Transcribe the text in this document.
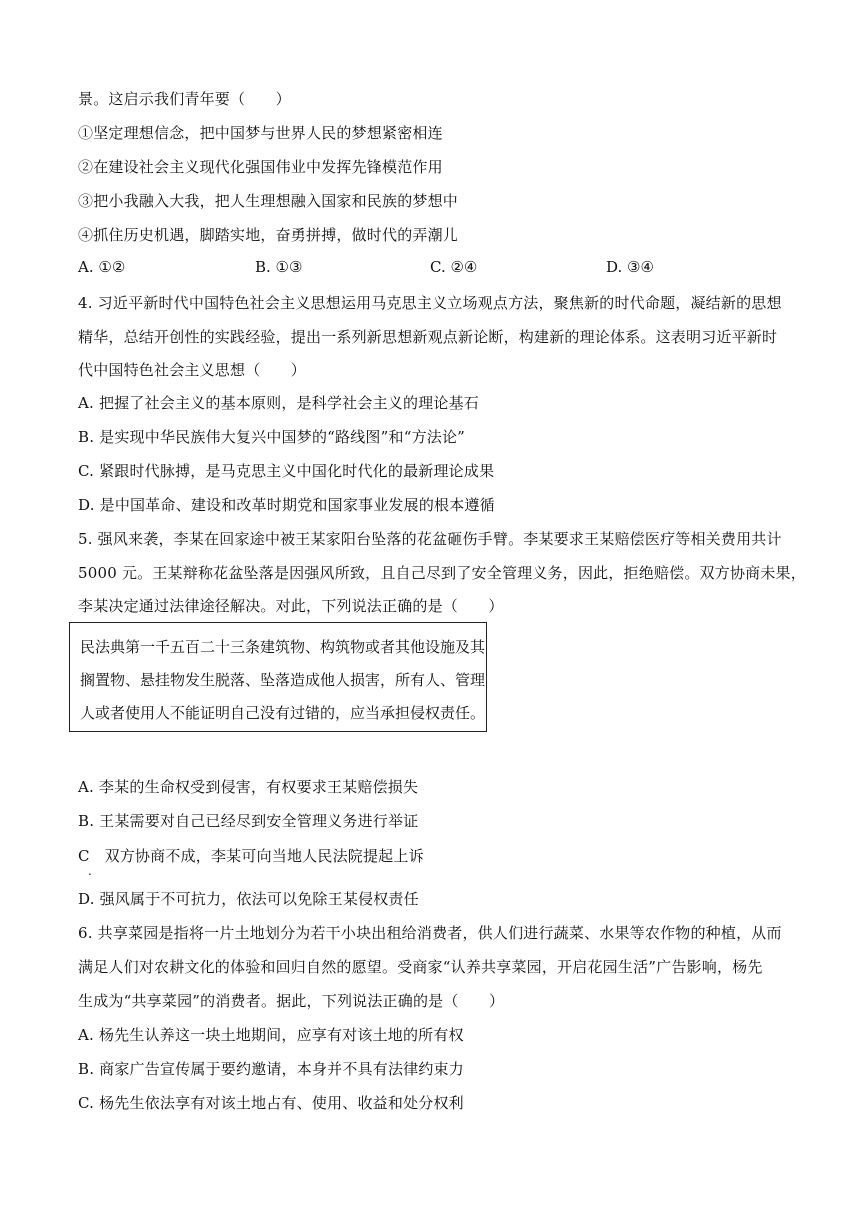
景。这启示我们青年要（　　）
①坚定理想信念，把中国梦与世界人民的梦想紧密相连
②在建设社会主义现代化强国伟业中发挥先锋模范作用
③把小我融入大我，把人生理想融入国家和民族的梦想中
④抓住历史机遇，脚踏实地，奋勇拼搏，做时代的弄潮儿
A. ①②	B. ①③	C. ②④	D. ③④
4. 习近平新时代中国特色社会主义思想运用马克思主义立场观点方法，聚焦新的时代命题，凝结新的思想
精华，总结开创性的实践经验，提出一系列新思想新观点新论断，构建新的理论体系。这表明习近平新时
代中国特色社会主义思想（　　）
A. 把握了社会主义的基本原则，是科学社会主义的理论基石
B. 是实现中华民族伟大复兴中国梦的“路线图”和“方法论”
C. 紧跟时代脉搏，是马克思主义中国化时代化的最新理论成果
D. 是中国革命、建设和改革时期党和国家事业发展的根本遵循
5. 强风来袭，李某在回家途中被王某家阳台坠落的花盆砸伤手臂。李某要求王某赔偿医疗等相关费用共计
5000 元。王某辩称花盆坠落是因强风所致，且自己尽到了安全管理义务，因此，拒绝赔偿。双方协商未果，
李某决定通过法律途径解决。对此，下列说法正确的是（　　）
民法典第一千五百二十三条建筑物、构筑物或者其他设施及其
搁置物、悬挂物发生脱落、坠落造成他人损害，所有人、管理
人或者使用人不能证明自己没有过错的，应当承担侵权责任。
A. 李某的生命权受到侵害，有权要求王某赔偿损失
B. 王某需要对自己已经尽到安全管理义务进行举证
C   双方协商不成，李某可向当地人民法院提起上诉
.
D. 强风属于不可抗力，依法可以免除王某侵权责任
6. 共享菜园是指将一片土地划分为若干小块出租给消费者，供人们进行蔬菜、水果等农作物的种植，从而
满足人们对农耕文化的体验和回归自然的愿望。受商家“认养共享菜园，开启花园生活”广告影响，杨先
生成为“共享菜园”的消费者。据此，下列说法正确的是（　　）
A. 杨先生认养这一块土地期间，应享有对该土地的所有权
B. 商家广告宣传属于要约邀请，本身并不具有法律约束力
C. 杨先生依法享有对该土地占有、使用、收益和处分权利
